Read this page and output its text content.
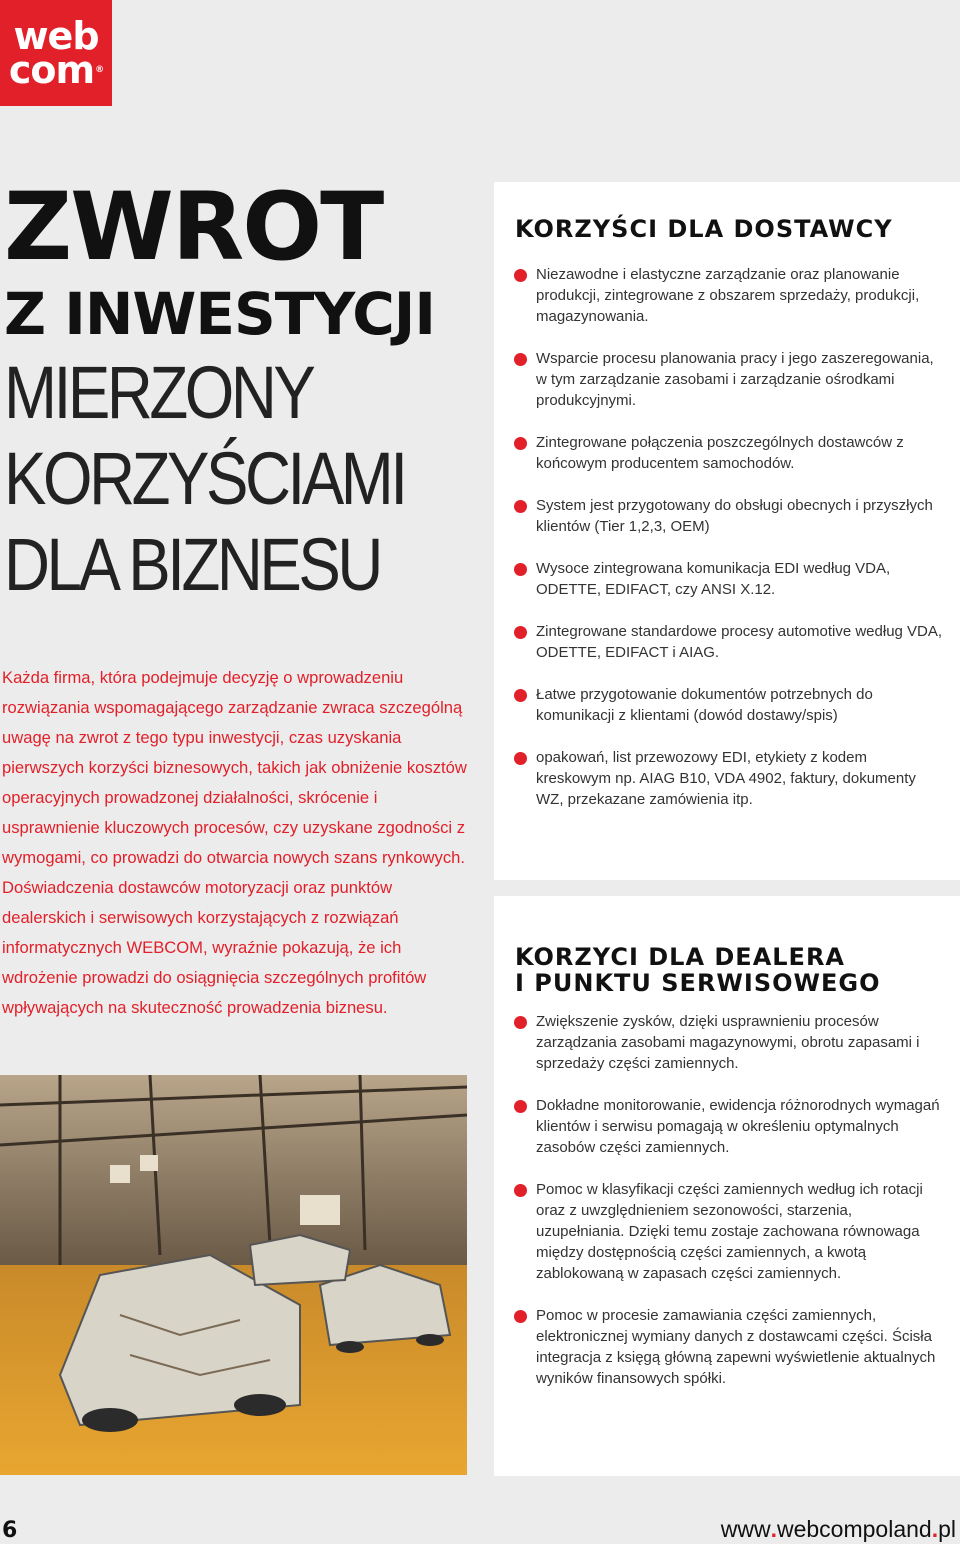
web
com®
ZWROT
Z INWESTYCJI
MIERZONY
KORZYŚCIAMI
DLA BIZNESU

Każda firma, która podejmuje decyzję o wprowadzeniu rozwiązania wspomagającego zarządzanie zwraca szczególną uwagę na zwrot z tego typu inwestycji, czas uzyskania pierwszych korzyści biznesowych, takich jak obniżenie kosztów operacyjnych prowadzonej działalności, skrócenie i usprawnienie kluczowych procesów, czy uzyskane zgodności z wymogami, co prowadzi do otwarcia nowych szans rynkowych. Doświadczenia dostawców motoryzacji oraz punktów dealerskich i serwisowych korzystających z rozwiązań informatycznych WEBCOM, wyraźnie pokazują, że ich wdrożenie prowadzi do osiągnięcia szczególnych profitów wpływających na skuteczność prowadzenia biznesu.

KORZYŚCI DLA DOSTAWCY
Niezawodne i elastyczne zarządzanie oraz planowanie produkcji, zintegrowane z obszarem sprzedaży, produkcji, magazynowania.
Wsparcie procesu planowania pracy i jego zaszeregowania, w tym zarządzanie zasobami i zarządzanie ośrodkami produkcyjnymi.
Zintegrowane połączenia poszczególnych dostawców z końcowym producentem samochodów.
System jest przygotowany do obsługi obecnych i przyszłych klientów (Tier 1,2,3, OEM)
Wysoce zintegrowana komunikacja EDI według VDA, ODETTE, EDIFACT, czy ANSI X.12.
Zintegrowane standardowe procesy automotive według VDA, ODETTE, EDIFACT i AIAG.
Łatwe przygotowanie dokumentów potrzebnych do komunikacji z klientami (dowód dostawy/spis)
opakowań, list przewozowy EDI, etykiety z kodem kreskowym np. AIAG B10, VDA 4902, faktury, dokumenty WZ, przekazane zamówienia itp.
KORZYCI DLA DEALERA
I PUNKTU SERWISOWEGO
Zwiększenie zysków, dzięki usprawnieniu procesów zarządzania zasobami magazynowymi, obrotu zapasami i sprzedaży części zamiennych.
Dokładne monitorowanie, ewidencja różnorodnych wymagań klientów i serwisu pomagają w określeniu optymalnych zasobów części zamiennych.
Pomoc w klasyfikacji części zamiennych według ich rotacji oraz z uwzględnieniem sezonowości, starzenia, uzupełniania. Dzięki temu zostaje zachowana równowaga między dostępnością części zamiennych, a kwotą zablokowaną w zapasach części zamiennych.
Pomoc w procesie zamawiania części zamiennych, elektronicznej wymiany danych z dostawcami części. Ścisła integracja z księgą główną zapewni wyświetlenie aktualnych wyników finansowych spółki.
6	www.webcompoland.pl
